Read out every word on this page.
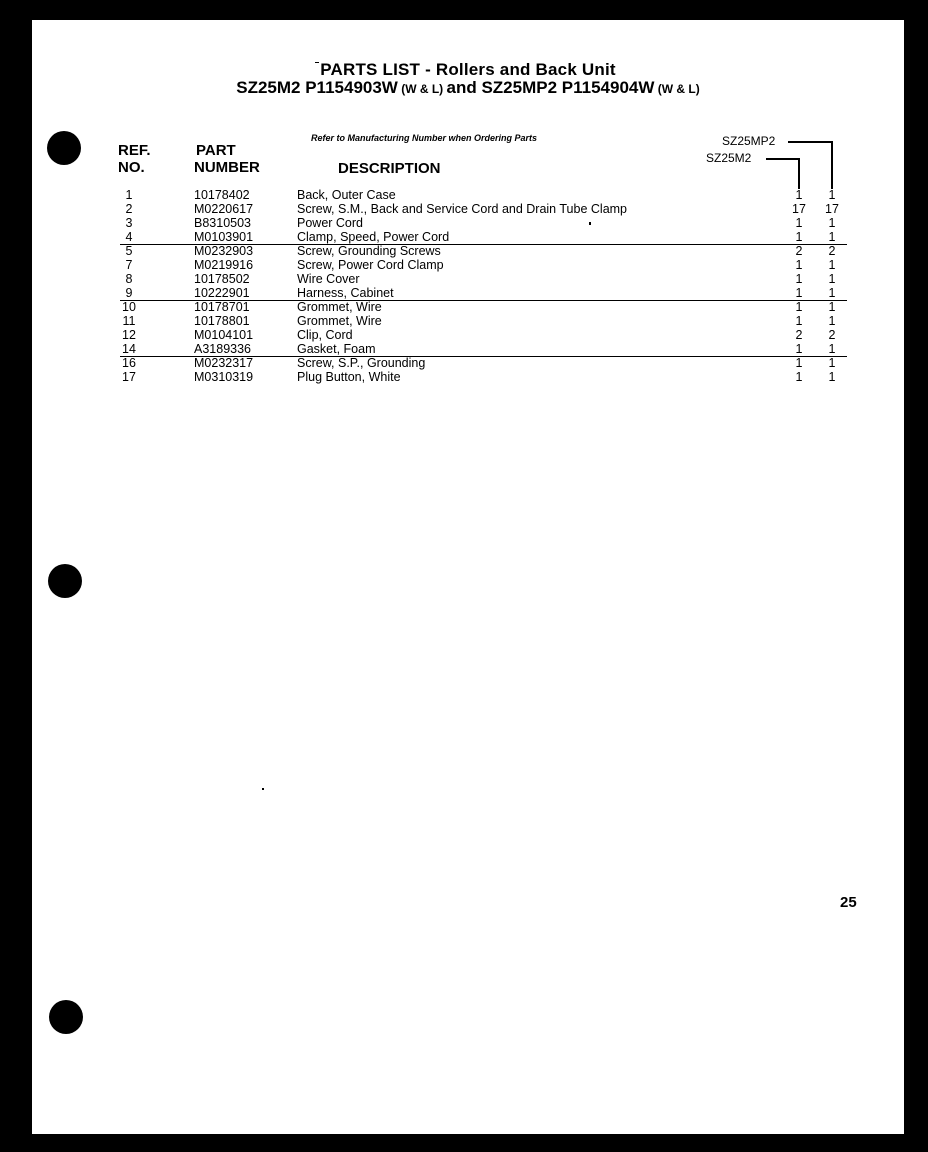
PARTS LIST - Rollers and Back Unit
SZ25M2 P1154903W (W & L) and SZ25MP2 P1154904W (W & L)
Refer to Manufacturing Number when Ordering Parts
REF.
NO.
PART
NUMBER	DESCRIPTION
SZ25MP2
SZ25M2
1	10178402	Back, Outer Case	1	1
2	M0220617	Screw, S.M., Back and Service Cord and Drain Tube Clamp	17	17
3	B8310503	Power Cord	1	1
4	M0103901	Clamp, Speed, Power Cord	1	1
5	M0232903	Screw, Grounding Screws	2	2
7	M0219916	Screw, Power Cord Clamp	1	1
8	10178502	Wire Cover	1	1
9	10222901	Harness, Cabinet	1	1
10	10178701	Grommet, Wire	1	1
11	10178801	Grommet, Wire	1	1
12	M0104101	Clip, Cord	2	2
14	A3189336	Gasket, Foam	1	1
16	M0232317	Screw, S.P., Grounding	1	1
17	M0310319	Plug Button, White	1	1
25
